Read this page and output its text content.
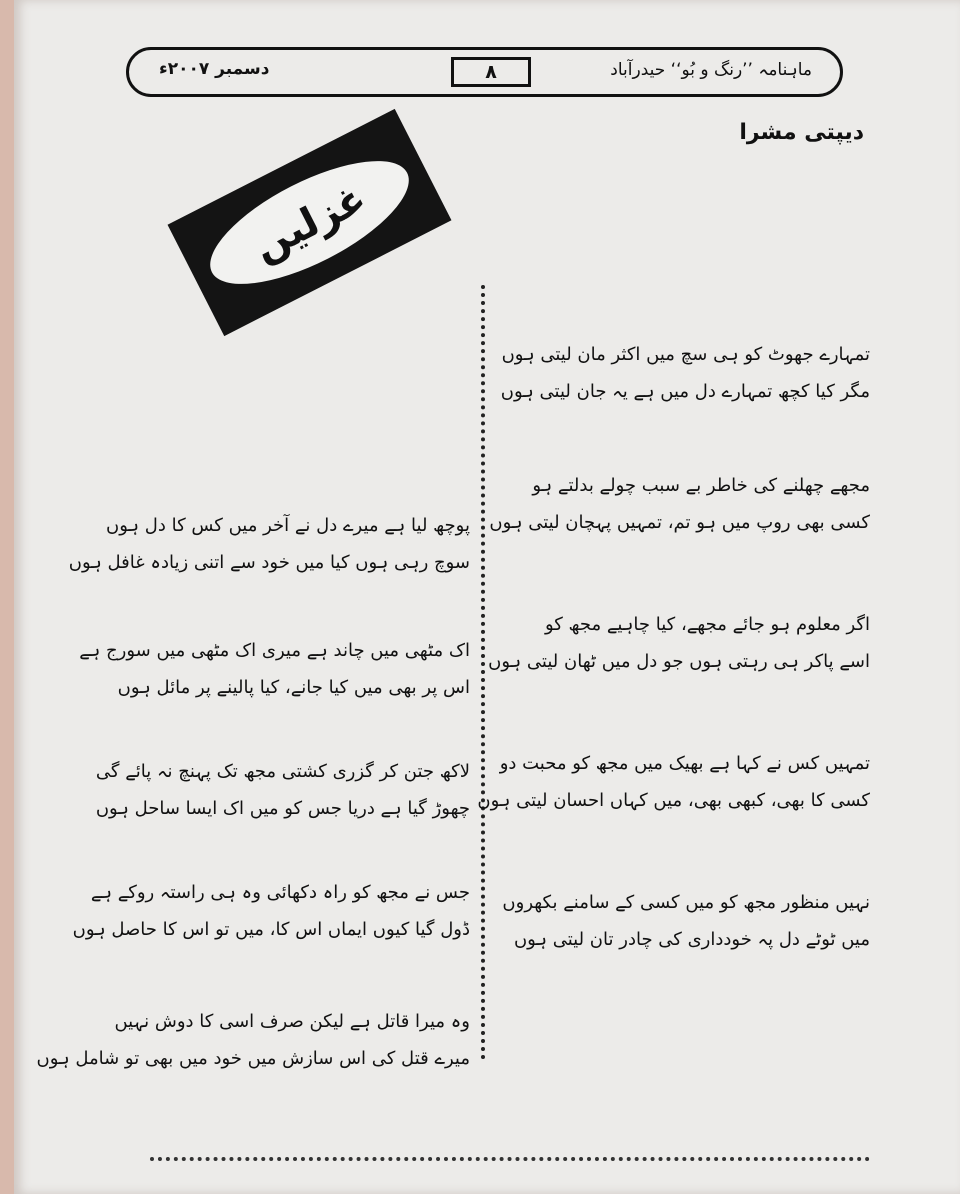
ماہنامہ ’’رنگ و بُو‘‘ حیدرآباد
۸
دسمبر ۲۰۰۷ء
دیپتی مشرا
غزلیں
تمہارے جھوٹ کو ہی سچ میں اکثر مان لیتی ہوں
مگر کیا کچھ تمہارے دل میں ہے یہ جان لیتی ہوں
مجھے چھلنے کی خاطر بے سبب چولے بدلتے ہو
کسی بھی روپ میں ہو تم، تمہیں پہچان لیتی ہوں
اگر معلوم ہو جائے مجھے، کیا چاہیے مجھ کو
اسے پاکر ہی رہتی ہوں جو دل میں ٹھان لیتی ہوں
تمہیں کس نے کہا ہے بھیک میں مجھ کو محبت دو
کسی کا بھی، کبھی بھی، میں کہاں احسان لیتی ہوں
نہیں منظور مجھ کو میں کسی کے سامنے بکھروں
میں ٹوٹے دل پہ خودداری کی چادر تان لیتی ہوں
پوچھ لیا ہے میرے دل نے آخر میں کس کا دل ہوں
سوچ رہی ہوں کیا میں خود سے اتنی زیادہ غافل ہوں
اک مٹھی میں چاند ہے میری اک مٹھی میں سورج ہے
اس پر بھی میں کیا جانے، کیا پالینے پر مائل ہوں
لاکھ جتن کر گزری کشتی مجھ تک پہنچ نہ پائے گی
چھوڑ گیا ہے دریا جس کو میں اک ایسا ساحل ہوں
جس نے مجھ کو راہ دکھائی وہ ہی راستہ روکے ہے
ڈول گیا کیوں ایماں اس کا، میں تو اس کا حاصل ہوں
وہ میرا قاتل ہے لیکن صرف اسی کا دوش نہیں
میرے قتل کی اس سازش میں خود میں بھی تو شامل ہوں
